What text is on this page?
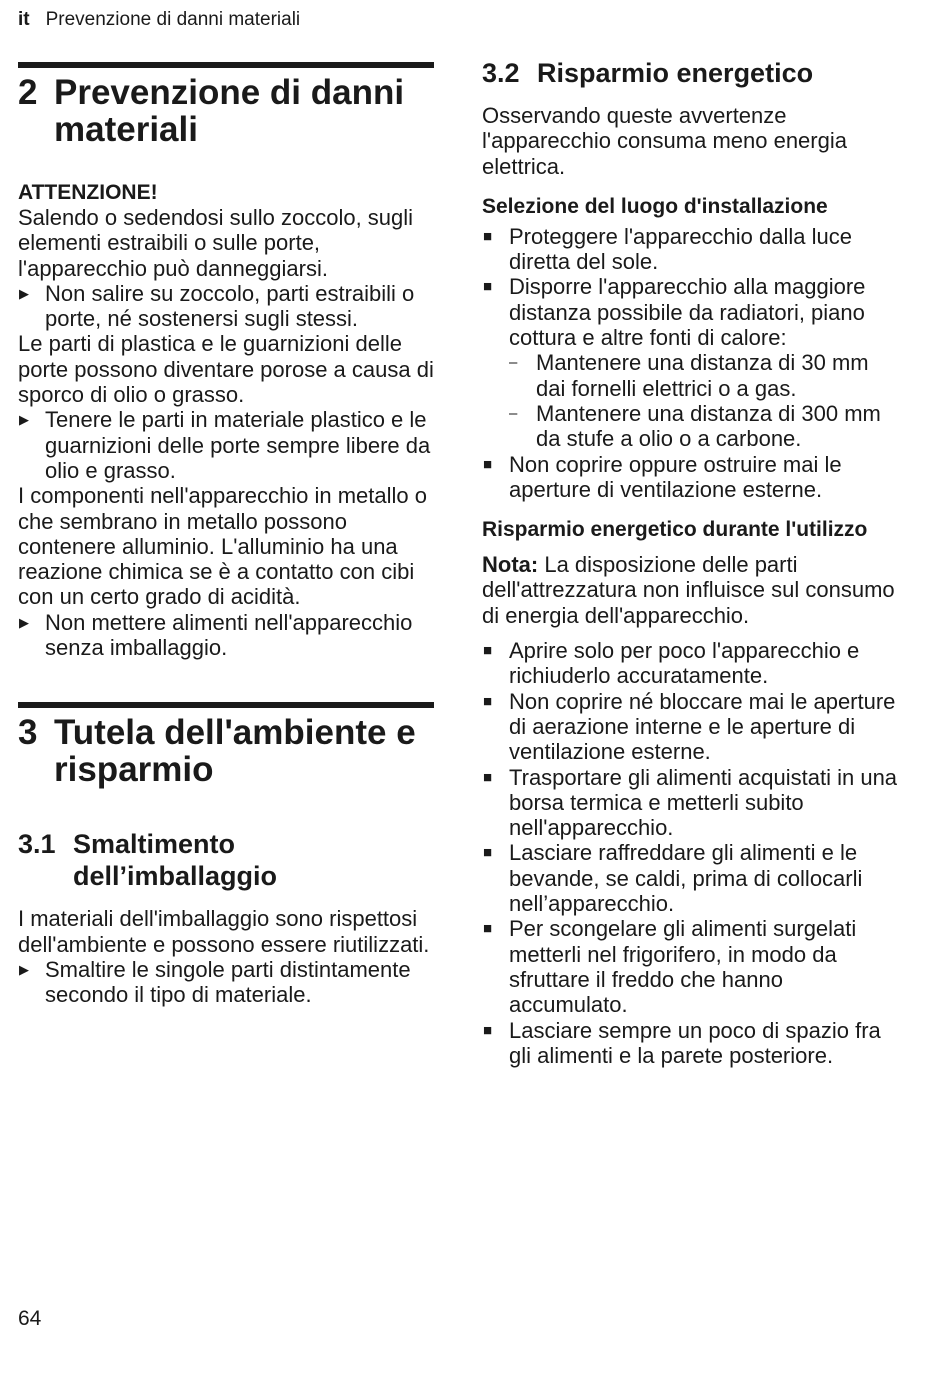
it Prevenzione di danni materiali
2 Prevenzione di danni materiali
ATTENZIONE!

Salendo o sedendosi sullo zoccolo, sugli elementi estraibili o sulle porte, l'apparecchio può danneggiarsi.

▶ Non salire su zoccolo, parti estraibili o porte, né sostenersi sugli stessi.

Le parti di plastica e le guarnizioni delle porte possono diventare porose a causa di sporco di olio o grasso.

▶ Tenere le parti in materiale plastico e le guarnizioni delle porte sempre libere da olio e grasso.

I componenti nell'apparecchio in metallo o che sembrano in metallo possono contenere alluminio. L'alluminio ha una reazione chimica se è a contatto con cibi con un certo grado di acidità.

▶ Non mettere alimenti nell'apparecchio senza imballaggio.
3 Tutela dell'ambiente e risparmio
3.1 Smaltimento dell’imballaggio

I materiali dell'imballaggio sono rispettosi dell'ambiente e possono essere riutilizzati.

▶ Smaltire le singole parti distintamente secondo il tipo di materiale.
3.2 Risparmio energetico

Osservando queste avvertenze l'apparecchio consuma meno energia elettrica.

Selezione del luogo d'installazione
■ Proteggere l'apparecchio dalla luce diretta del sole.
■ Disporre l'apparecchio alla maggiore distanza possibile da radiatori, piano cottura e altre fonti di calore:
– Mantenere una distanza di 30 mm dai fornelli elettrici o a gas.
– Mantenere una distanza di 300 mm da stufe a olio o a carbone.
■ Non coprire oppure ostruire mai le aperture di ventilazione esterne.
Risparmio energetico durante l'utilizzo

Nota: La disposizione delle parti dell'attrezzatura non influisce sul consumo di energia dell'apparecchio.

■ Aprire solo per poco l'apparecchio e richiuderlo accuratamente.
■ Non coprire né bloccare mai le aperture di aerazione interne e le aperture di ventilazione esterne.
■ Trasportare gli alimenti acquistati in una borsa termica e metterli subito nell'apparecchio.
■ Lasciare raffreddare gli alimenti e le bevande, se caldi, prima di collocarli nell’apparecchio.
■ Per scongelare gli alimenti surgelati metterli nel frigorifero, in modo da sfruttare il freddo che hanno accumulato.
■ Lasciare sempre un poco di spazio fra gli alimenti e la parete posteriore.
64
